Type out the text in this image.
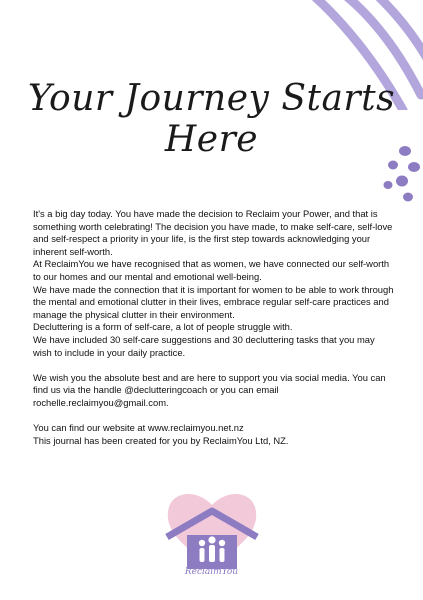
Your Journey Starts Here

It's a big day today. You have made the decision to Reclaim your Power, and that is something worth celebrating! The decision you have made, to make self-care, self-love and self-respect a priority in your life, is the first step towards acknowledging your inherent self-worth.

At ReclaimYou we have recognised that as women, we have connected our self-worth to our homes and our mental and emotional well-being.

We have made the connection that it is important for women to be able to work through the mental and emotional clutter in their lives, embrace regular self-care practices and manage the physical clutter in their environment.

Decluttering is a form of self-care, a lot of people struggle with.

We have included 30 self-care suggestions and 30 decluttering tasks that you may wish to include in your daily practice.

We wish you the absolute best and are here to support you via social media. You can find us via the handle @declutteringcoach or you can email rochelle.reclaimyou@gmail.com.

You can find our website at www.reclaimyou.net.nz

This journal has been created for you by ReclaimYou Ltd, NZ.

ReclaimYou
